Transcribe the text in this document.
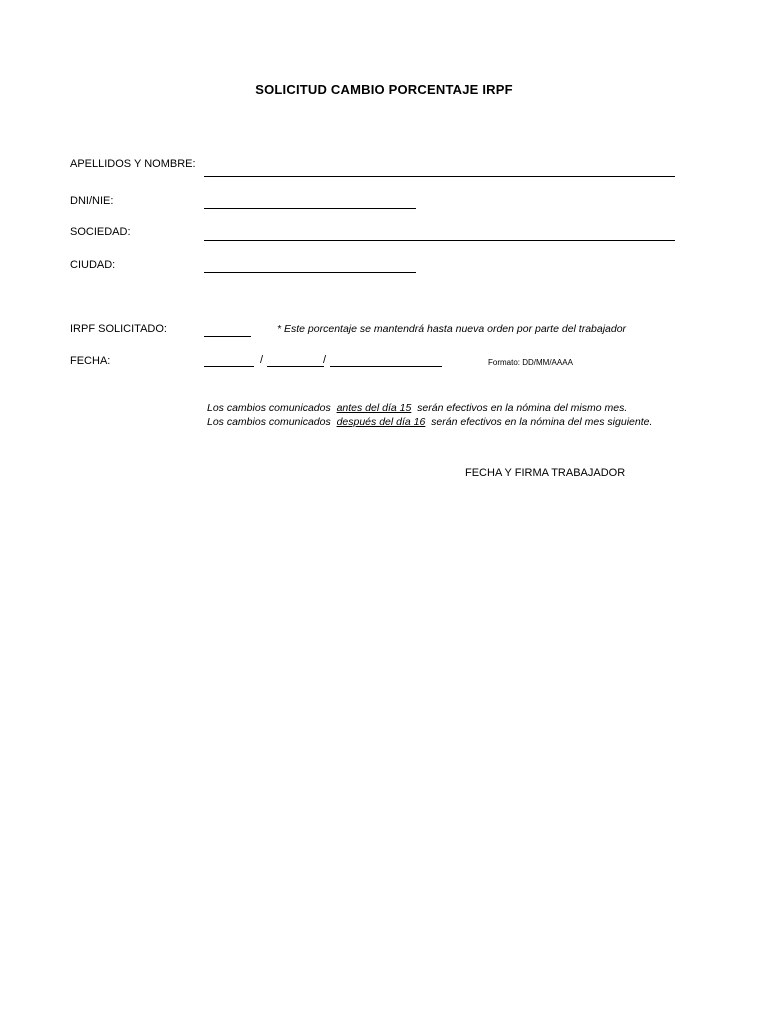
SOLICITUD CAMBIO PORCENTAJE IRPF
APELLIDOS Y NOMBRE:
DNI/NIE:
SOCIEDAD:
CIUDAD:
IRPF SOLICITADO:	* Este porcentaje se mantendrá hasta nueva orden por parte del trabajador
FECHA:	/	/	Formato: DD/MM/AAAA
Los cambios comunicados antes del día 15 serán efectivos en la nómina del mismo mes.
Los cambios comunicados después del día 16 serán efectivos en la nómina del mes siguiente.
FECHA Y FIRMA TRABAJADOR
